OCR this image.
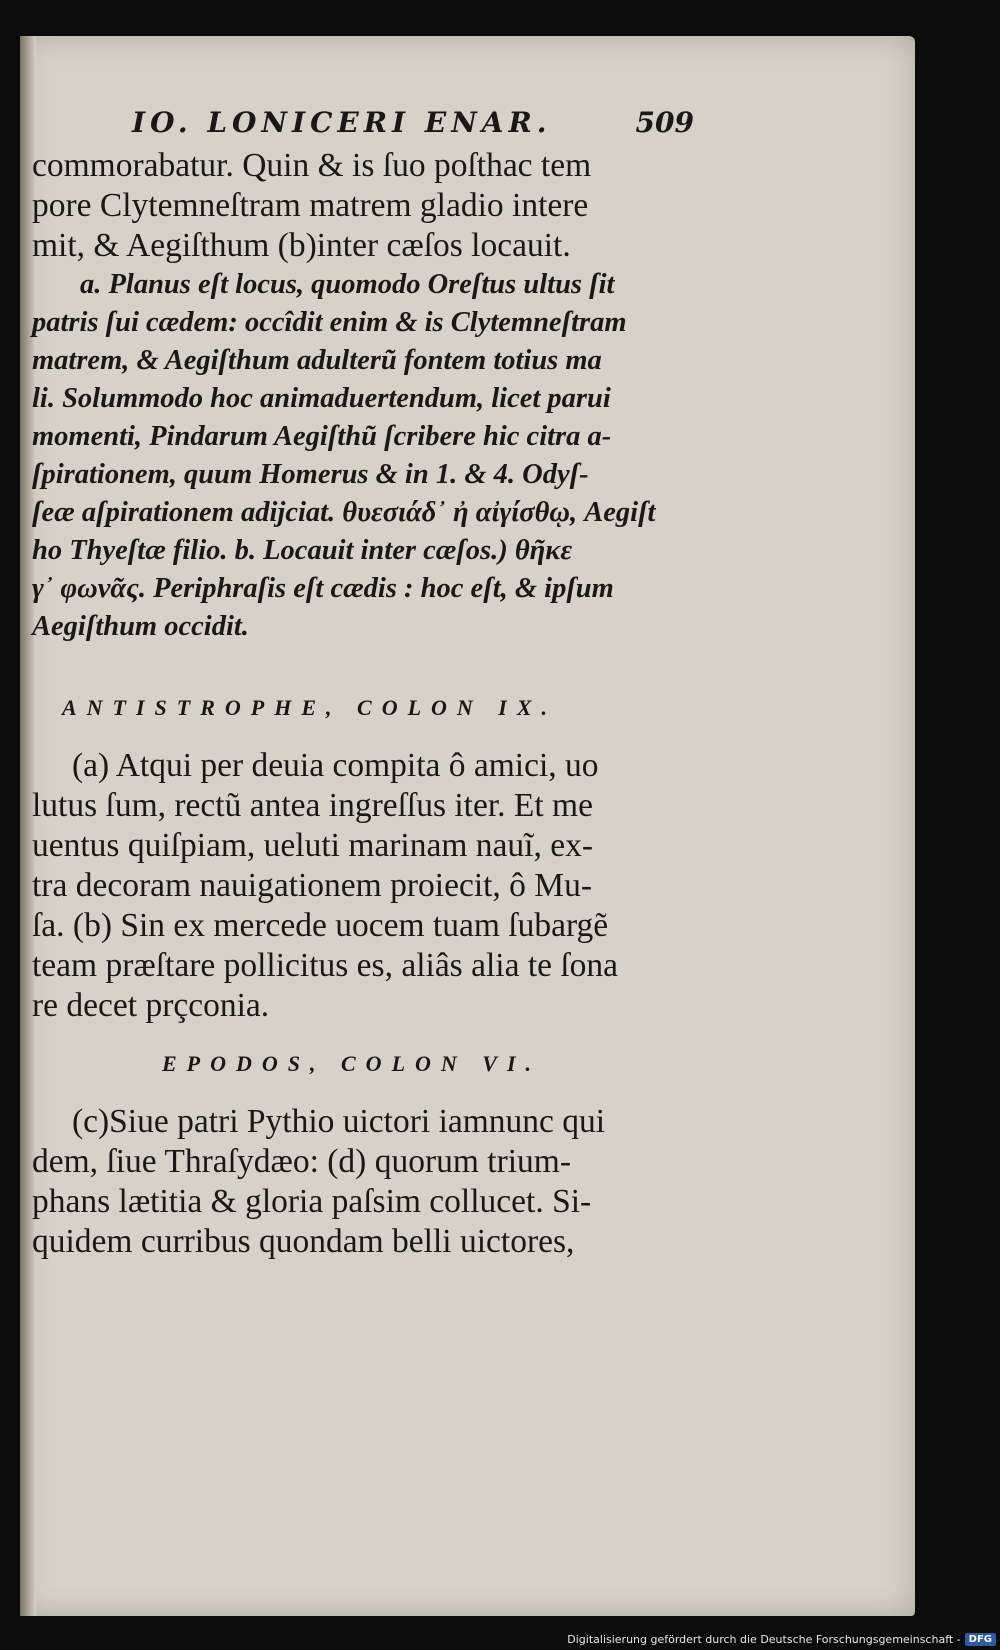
IO. LONICERI ENAR.	509
commorabatur. Quin & is ſuo poſthac tem
pore Clytemneſtram matrem gladio intere
mit, & Aegiſthum (b)inter cæſos locauit.
a. Planus eſt locus, quomodo Oreſtus ultus ſit
patris ſui cædem: occîdit enim & is Clytemneſtram
matrem, & Aegiſthum adulterũ fontem totius ma
li. Solummodo hoc animaduertendum, licet parui
momenti, Pindarum Aegiſthũ ſcribere hic citra a-
ſpirationem, quum Homerus & in 1. & 4. Odyſ-
ſeæ aſpirationem adijciat. θυεσιάδ᾽ ἠ αἰγίσθῳ, Aegiſt
ho Thyeſtæ filio. b. Locauit inter cæſos.) θῆκε
γ᾽ φωνᾶς. Periphraſis eſt cædis : hoc eſt, & ipſum
Aegiſthum occidit.
ANTISTROPHE, COLON IX.
(a) Atqui per deuia compita ô amici, uo
lutus ſum, rectũ antea ingreſſus iter. Et me
uentus quiſpiam, ueluti marinam nauĩ, ex-
tra decoram nauigationem proiecit, ô Mu-
ſa. (b) Sin ex mercede uocem tuam ſubargẽ
team præſtare pollicitus es, aliâs alia te ſona
re decet prçconia.
EPODOS, COLON VI.
(c)Siue patri Pythio uictori iamnunc qui
dem, ſiue Thraſydæo: (d) quorum trium-
phans lætitia & gloria paſsim collucet. Si-
quidem curribus quondam belli uictores,
Digitalisierung gefördert durch die Deutsche Forschungsgemeinschaft - DFG
